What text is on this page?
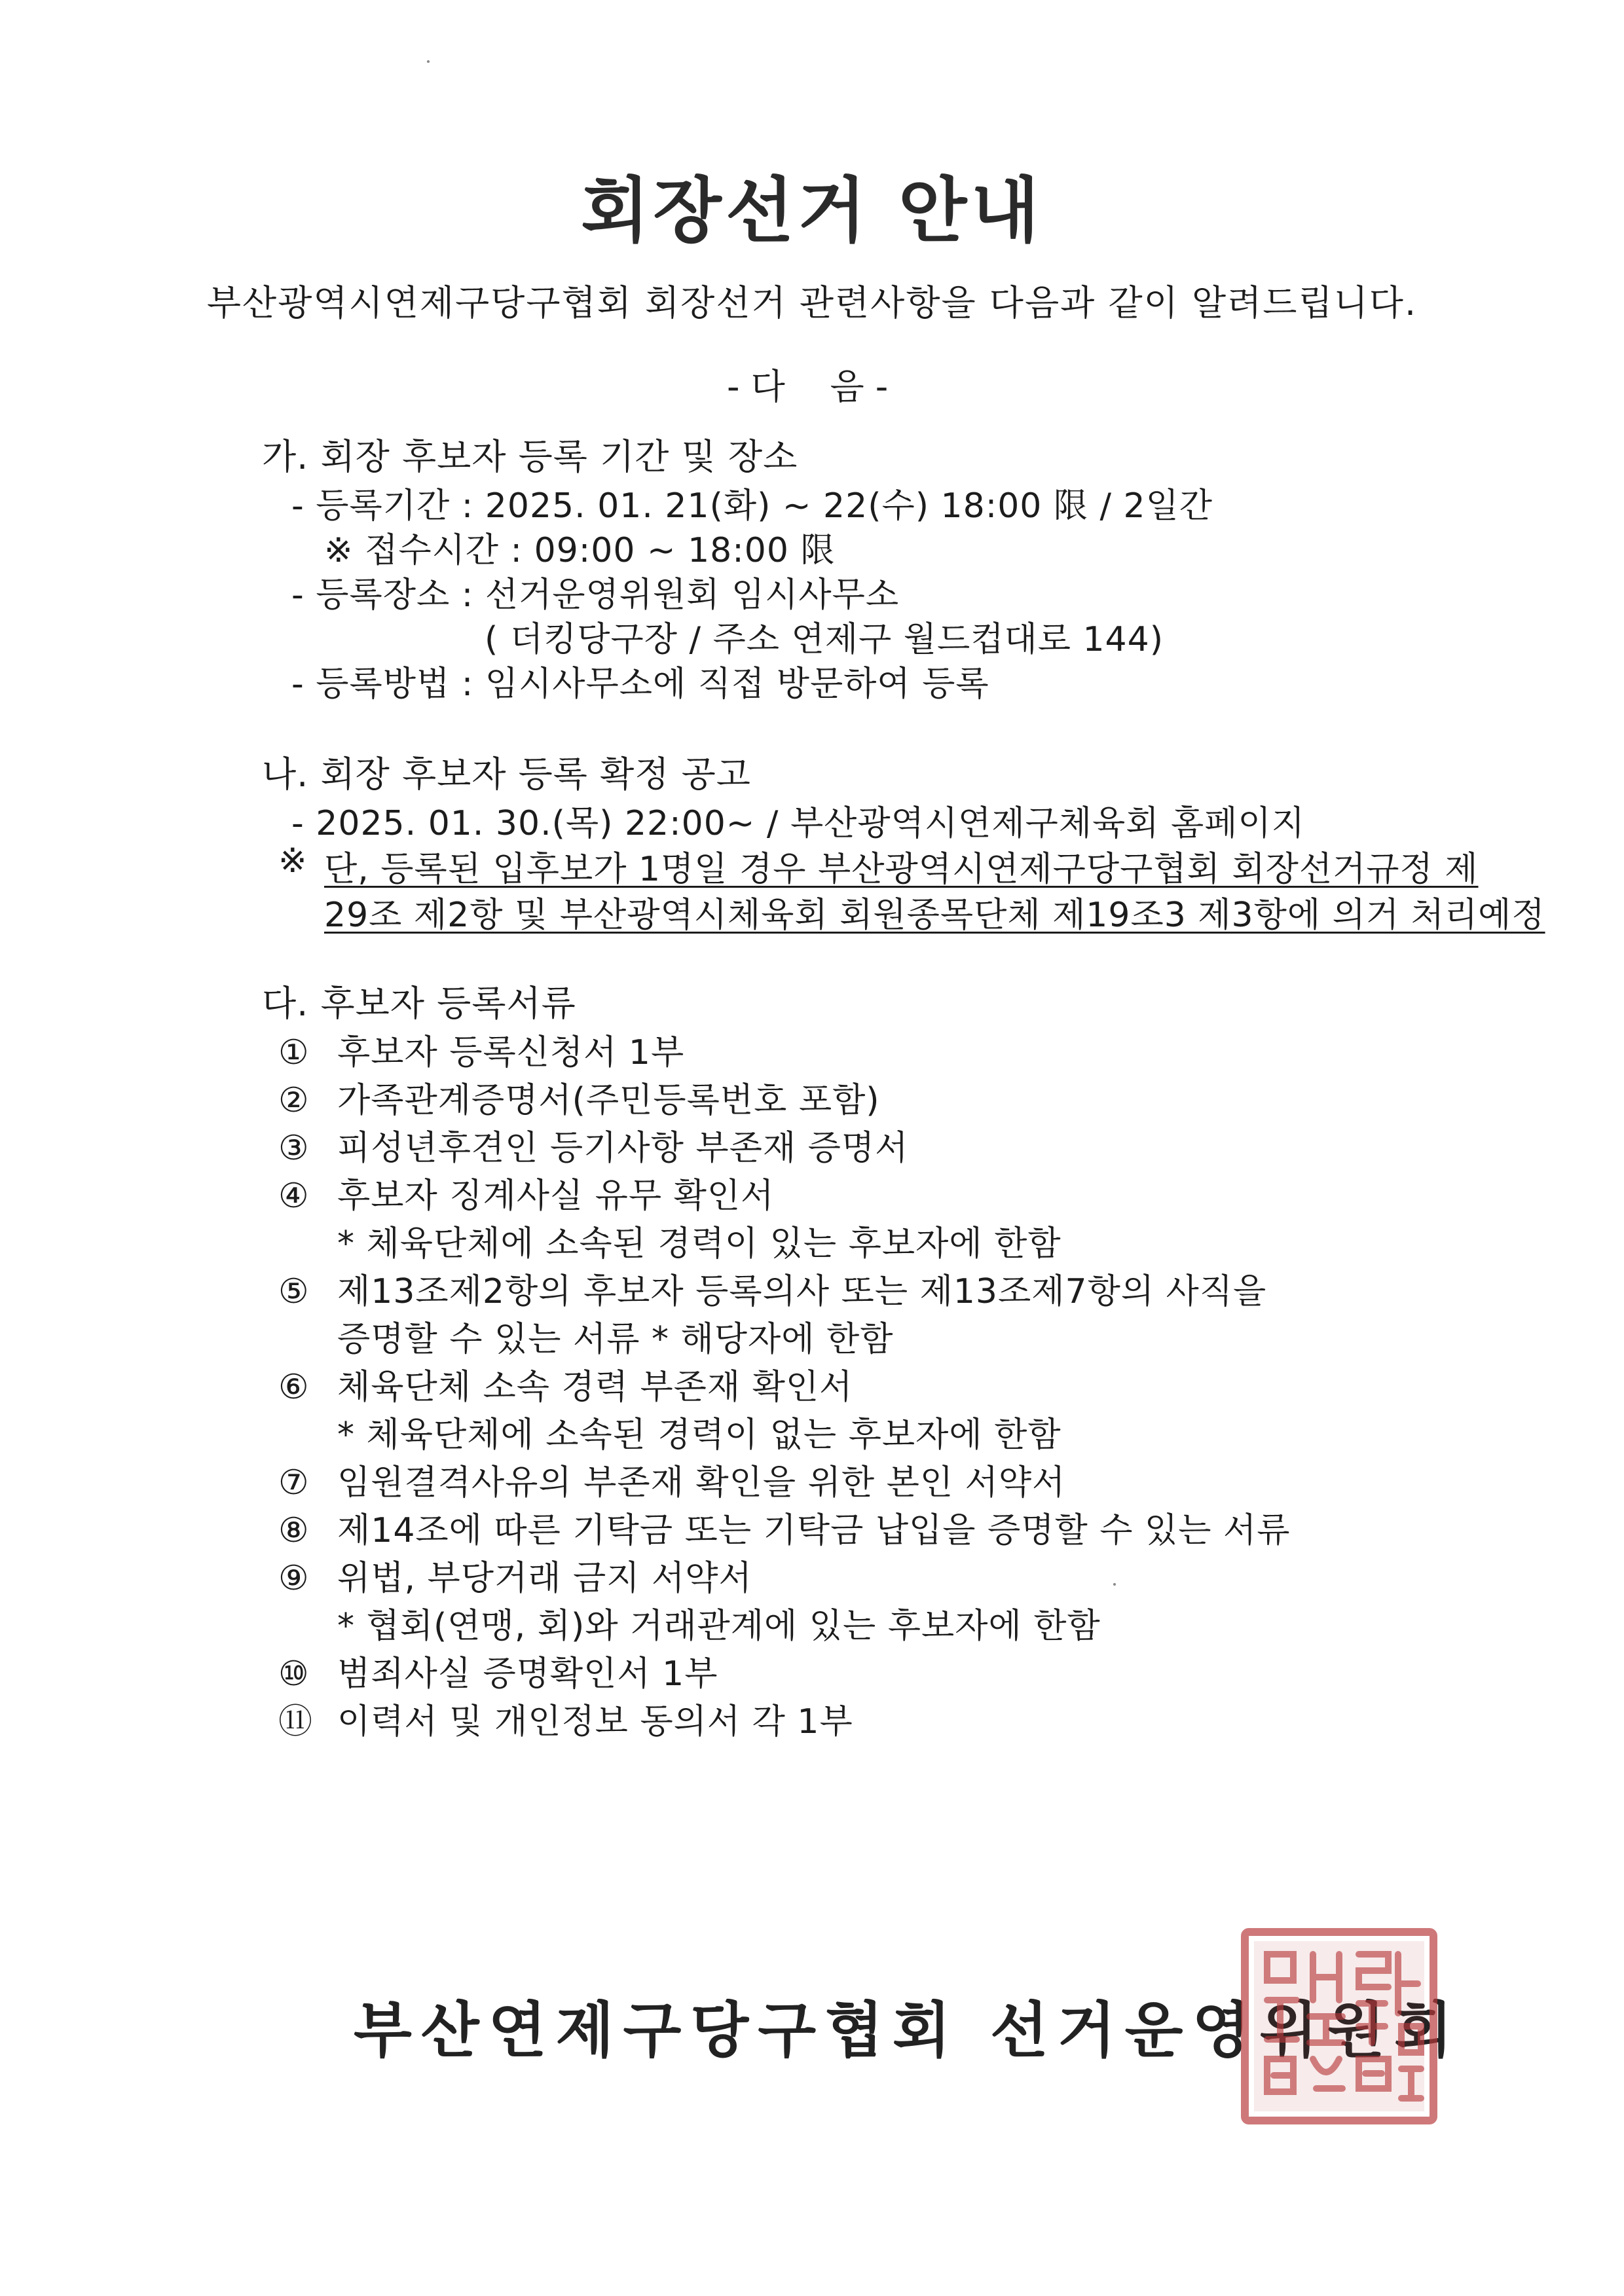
회장선거 안내
부산광역시연제구당구협회 회장선거 관련사항을 다음과 같이 알려드립니다.
- 다    음 -
가. 회장 후보자 등록 기간 및 장소
- 등록기간 : 2025. 01. 21(화) ~ 22(수) 18:00 限 / 2일간
※ 접수시간 : 09:00 ~ 18:00 限
- 등록장소 : 선거운영위원회 임시사무소
( 더킹당구장 / 주소 연제구 월드컵대로 144)
- 등록방법 : 임시사무소에 직접 방문하여 등록
나. 회장 후보자 등록 확정 공고
- 2025. 01. 30.(목) 22:00~ / 부산광역시연제구체육회 홈페이지
※ 단, 등록된 입후보가 1명일 경우 부산광역시연제구당구협회 회장선거규정 제
29조 제2항 및 부산광역시체육회 회원종목단체 제19조3 제3항에 의거 처리예정
다. 후보자 등록서류
① 후보자 등록신청서 1부
② 가족관계증명서(주민등록번호 포함)
③ 피성년후견인 등기사항 부존재 증명서
④ 후보자 징계사실 유무 확인서
* 체육단체에 소속된 경력이 있는 후보자에 한함
⑤ 제13조제2항의 후보자 등록의사 또는 제13조제7항의 사직을
증명할 수 있는 서류 * 해당자에 한함
⑥ 체육단체 소속 경력 부존재 확인서
* 체육단체에 소속된 경력이 없는 후보자에 한함
⑦ 임원결격사유의 부존재 확인을 위한 본인 서약서
⑧ 제14조에 따른 기탁금 또는 기탁금 납입을 증명할 수 있는 서류
⑨ 위법, 부당거래 금지 서약서
* 협회(연맹, 회)와 거래관계에 있는 후보자에 한함
⑩ 범죄사실 증명확인서 1부
⑪ 이력서 및 개인정보 동의서 각 1부
부산연제구당구협회 선거운영위원회
